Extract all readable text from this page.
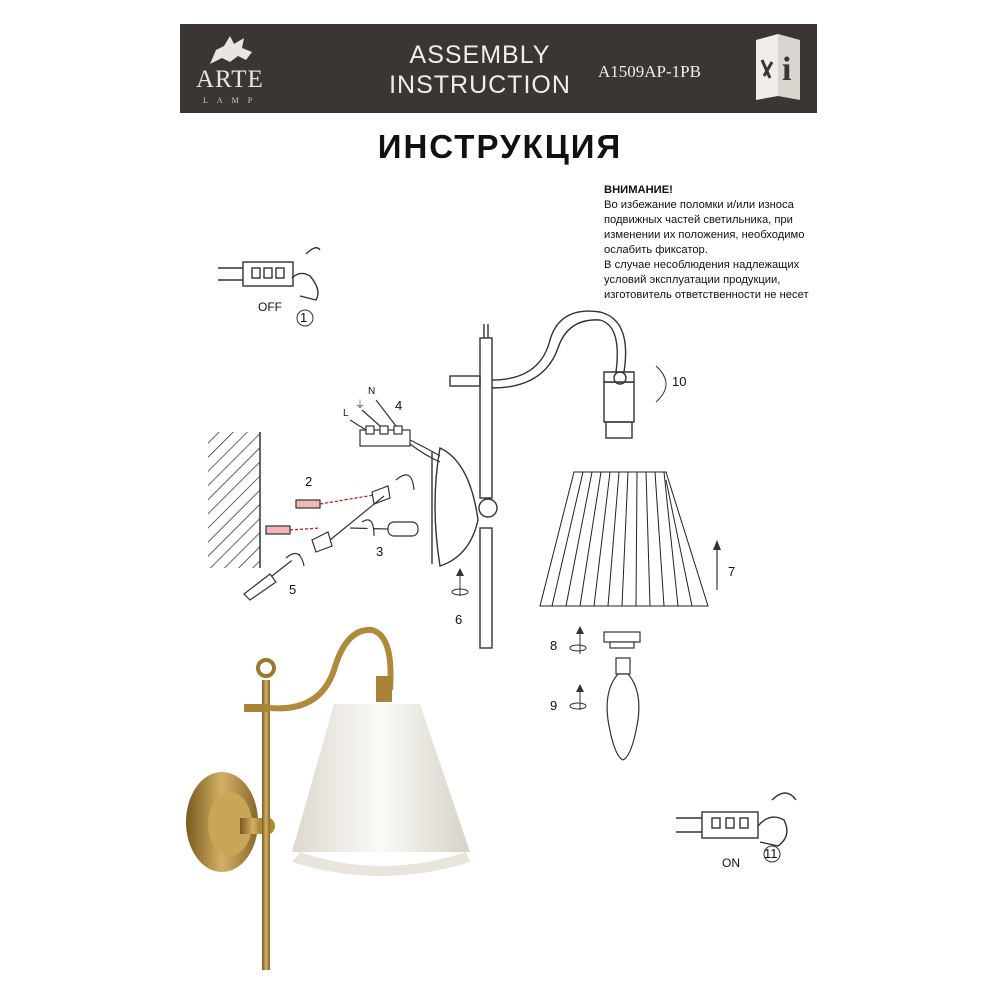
ARTE
LAMP
ASSEMBLY INSTRUCTION	A1509AP-1PB i
ИНСТРУКЦИЯ
ВНИМАНИЕ!
Во избежание поломки и/или износа
подвижных частей светильника, при
изменении их положения, необходимо
ослабить фиксатор.
В случае несоблюдения надлежащих
условий эксплуатации продукции,
изготовитель ответственности не несет
OFF
1
2
3
4
5
6
7
8
9
10
11
ON
L
⏚
N
